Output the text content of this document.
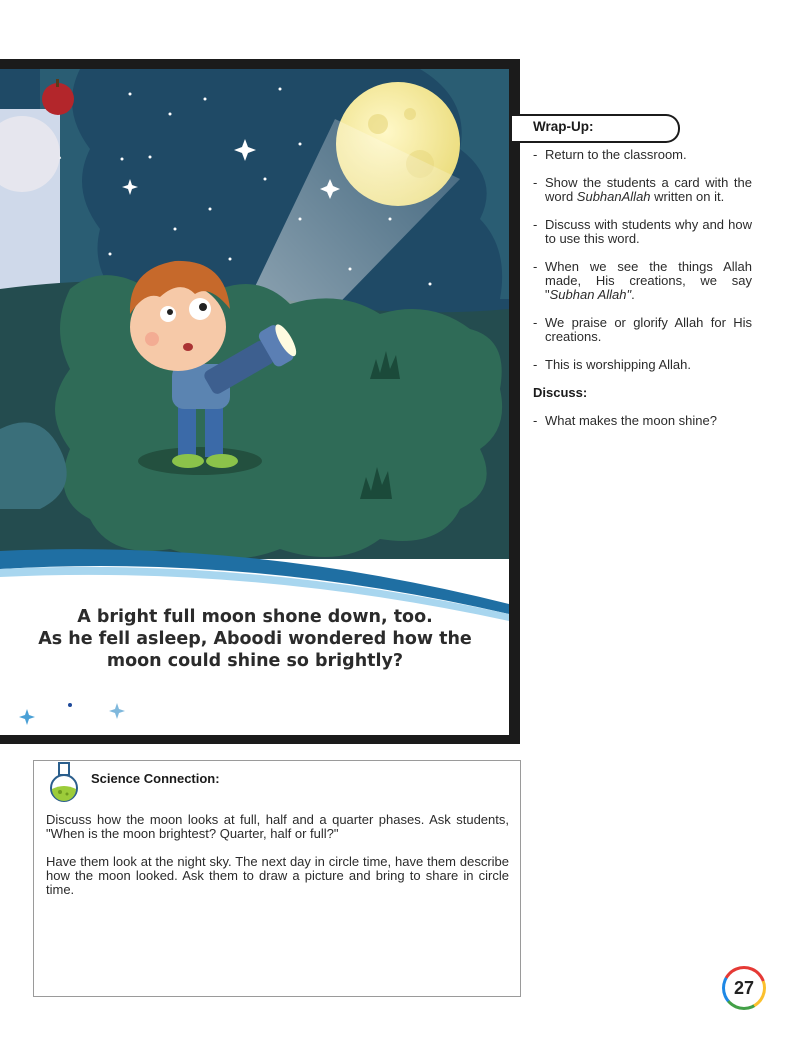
A bright full moon shone down, too.
As he fell asleep, Aboodi wondered how the
moon could shine so brightly?
Wrap-Up:
- Return to the classroom.
- Show the students a card with the word SubhanAllah written on it.
- Discuss with students why and how to use this word.
- When we see the things Allah made, His creations, we say "Subhan Allah".
- We praise or glorify Allah for His creations.
- This is worshipping Allah.
Discuss:
- What makes the moon shine?
Science Connection:

Discuss how the moon looks at full, half and a quarter phases. Ask students, "When is the moon brightest? Quarter, half or full?"

Have them look at the night sky. The next day in circle time, have them describe how the moon looked. Ask them to draw a picture and bring to share in circle time.

27
